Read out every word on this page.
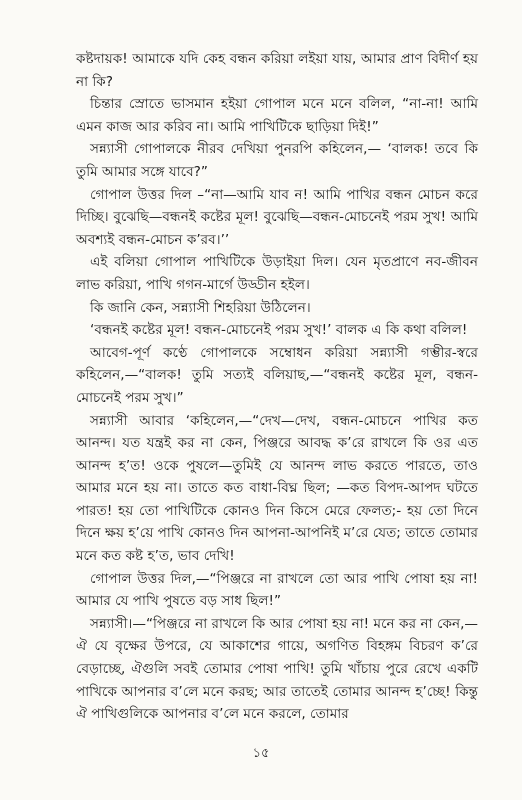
কষ্টদায়ক! আমাকে যদি কেহ বন্ধন করিয়া লইয়া যায়, আমার প্রাণ বিদীর্ণ হয় না কি?

চিন্তার স্রোতে ভাসমান হইয়া গোপাল মনে মনে বলিল, “না-না! আমি এমন কাজ আর করিব না। আমি পাখিটিকে ছাড়িয়া দিই!”

সন্ন্যাসী গোপালকে নীরব দেখিয়া পুনরপি কহিলেন,— ‘বালক! তবে কি তুমি আমার সঙ্গে যাবে?”

গোপাল উত্তর দিল –“না—আমি যাব ন! আমি পাখির বন্ধন মোচন করে দিচ্ছি। বুঝেছি—বন্ধনই কষ্টের মূল! বুঝেছি—বন্ধন-মোচনেই পরম সুখ! আমি অবশ্যই বন্ধন-মোচন ক’রব।’’

এই বলিয়া গোপাল পাখিটিকে উড়াইয়া দিল। যেন মৃতপ্রাণে নব-জীবন লাভ করিয়া, পাখি গগন-মার্গে উড্ডীন হইল।

কি জানি কেন, সন্ন্যাসী শিহরিয়া উঠিলেন।

‘বন্ধনই কষ্টের মূল! বন্ধন-মোচনেই পরম সুখ!’ বালক এ কি কথা বলিল!

আবেগ-পূর্ণ কণ্ঠে গোপালকে সম্বোধন করিয়া সন্ন্যাসী গম্ভীর-স্বরে কহিলেন,—“বালক! তুমি সত্যই বলিয়াছ,—“বন্ধনই কষ্টের মূল, বন্ধন-মোচনেই পরম সুখ।”

সন্ন্যাসী আবার ‘কহিলেন,—“দেখ—দেখ, বন্ধন-মোচনে পাখির কত আনন্দ। যত যন্ত্রই কর না কেন, পিঞ্জরে আবদ্ধ ক’রে রাখলে কি ওর এত আনন্দ হ’ত! ওকে পুষলে—তুমিই যে আনন্দ লাভ করতে পারতে, তাও আমার মনে হয় না। তাতে কত বাধা-বিঘ্ন ছিল; —কত বিপদ-আপদ ঘটতে পারত! হয় তো পাখিটিকে কোনও দিন কিসে মেরে ফেলত;- হয় তো দিনে দিনে ক্ষয় হ’য়ে পাখি কোনও দিন আপনা-আপনিই ম’রে যেত; তাতে তোমার মনে কত কষ্ট হ’ত, ভাব দেখি!

গোপাল উত্তর দিল,—“পিঞ্জরে না রাখলে তো আর পাখি পোষা হয় না! আমার যে পাখি পুষতে বড় সাধ ছিল!”

সন্ন্যাসী।—“পিঞ্জরে না রাখলে কি আর পোষা হয় না! মনে কর না কেন,—ঐ যে বৃক্ষের উপরে, যে আকাশের গায়ে, অগণিত বিহঙ্গম বিচরণ ক’রে বেড়াচ্ছে, ঐগুলি সবই তোমার পোষা পাখি! তুমি খাঁচায় পুরে রেখে একটি পাখিকে আপনার ব’লে মনে করছ; আর তাতেই তোমার আনন্দ হ’চ্ছে! কিন্তু ঐ পাখিগুলিকে আপনার ব’লে মনে করলে, তোমার

১৫
